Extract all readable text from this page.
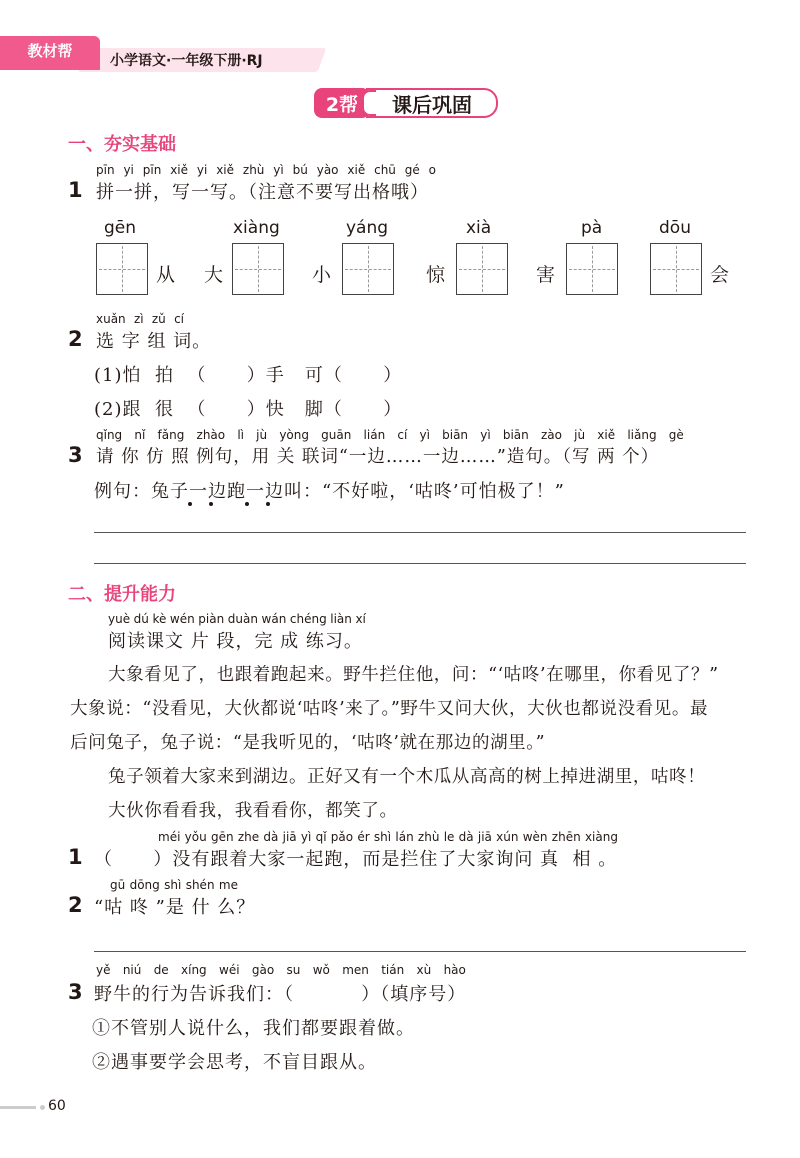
教材帮
小学语文·一年级下册·RJ
2帮	课后巩固
一、夯实基础
pīn yi pīn xiě yi xiě zhù yì bú yào xiě chū gé o
1 拼一拼，写一写。（注意不要写出格哦）
gēn	xiàng	yáng	xià	pà	dōu
从 大	小	惊	害	会
xuǎn zì zǔ cí
2 选 字 组 词。
(1)怕  拍  （      ）手   可（      ）
(2)跟  很  （      ）快   脚（      ）
qǐng nǐ fǎng zhào lì jù yòng guān lián cí yì biān yì biān zào jù xiě liǎng gè
3 请 你 仿 照 例句，用 关 联词“一边……一边……”造句。（写 两 个）
例句：兔子一边跑一边叫：“不好啦，‘咕咚’可怕极了！”
二、提升能力
yuè dú kè wén piàn duàn wán chéng liàn xí
阅读课文 片 段，完 成 练习。
大象看见了，也跟着跑起来。野牛拦住他，问：“‘咕咚’在哪里，你看见了？”
大象说：“没看见，大伙都说‘咕咚’来了。”野牛又问大伙，大伙也都说没看见。最
后问兔子，兔子说：“是我听见的，‘咕咚’就在那边的湖里。”
兔子领着大家来到湖边。正好又有一个木瓜从高高的树上掉进湖里，咕咚！
大伙你看看我，我看看你，都笑了。
méi yǒu gēn zhe dà jiā yì qǐ pǎo ér shì lán zhù le dà jiā xún wèn zhēn xiàng
1 （      ）没有跟着大家一起跑，而是拦住了大家询问 真  相 。
gū dōng shì shén me
2 “咕 咚 ”是 什 么？
yě niú de xíng wéi gào su wǒ men tián xù hào
3 野牛的行为告诉我们：（          ）（填序号）
①不管别人说什么，我们都要跟着做。
②遇事要学会思考，不盲目跟从。
60
